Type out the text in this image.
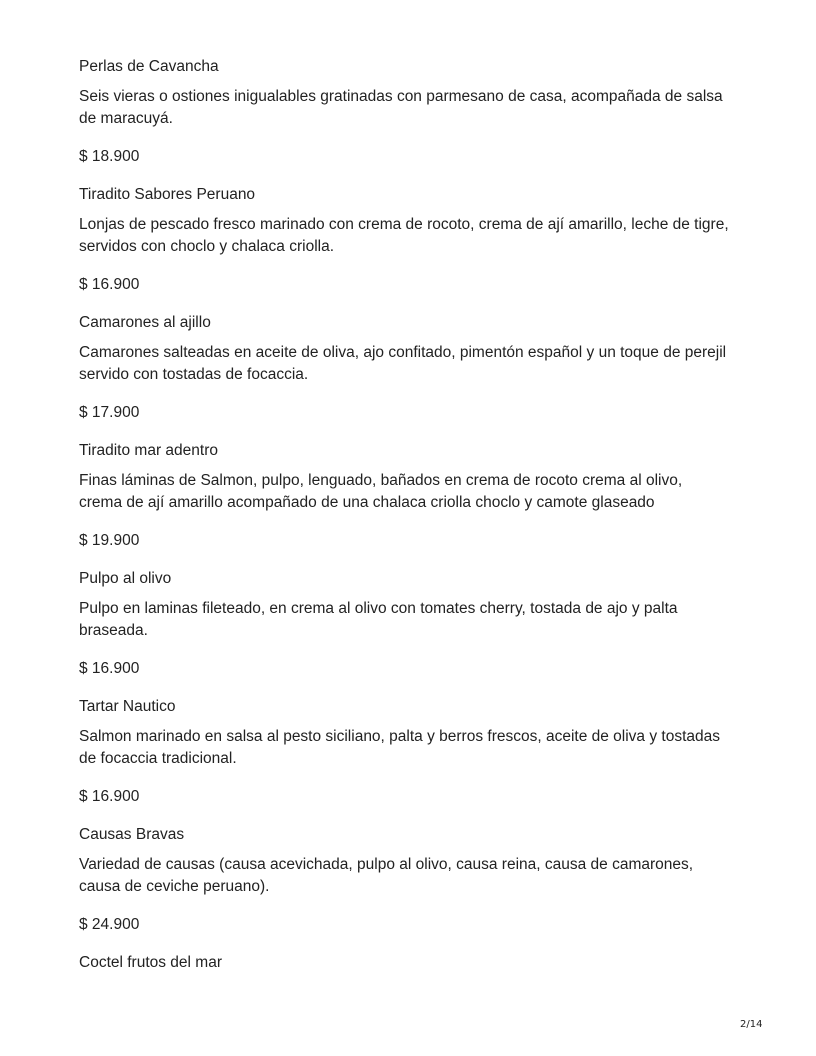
Perlas de Cavancha

Seis vieras o ostiones inigualables gratinadas con parmesano de casa, acompañada de salsa de maracuyá.

$ 18.900

Tiradito Sabores Peruano

Lonjas de pescado fresco marinado con crema de rocoto, crema de ají amarillo, leche de tigre, servidos con choclo y chalaca criolla.

$ 16.900

Camarones al ajillo

Camarones salteadas en aceite de oliva, ajo confitado, pimentón español y un toque de perejil servido con tostadas de focaccia.

$ 17.900

Tiradito mar adentro

Finas láminas de Salmon, pulpo, lenguado, bañados en crema de rocoto crema al olivo, crema de ají amarillo acompañado de una chalaca criolla choclo y camote glaseado

$ 19.900

Pulpo al olivo

Pulpo en laminas fileteado, en crema al olivo con tomates cherry, tostada de ajo y palta braseada.

$ 16.900

Tartar Nautico

Salmon marinado en salsa al pesto siciliano, palta y berros frescos, aceite de oliva y tostadas de focaccia tradicional.

$ 16.900

Causas Bravas

Variedad de causas (causa acevichada, pulpo al olivo, causa reina, causa de camarones, causa de ceviche peruano).

$ 24.900

Coctel frutos del mar

2/14
